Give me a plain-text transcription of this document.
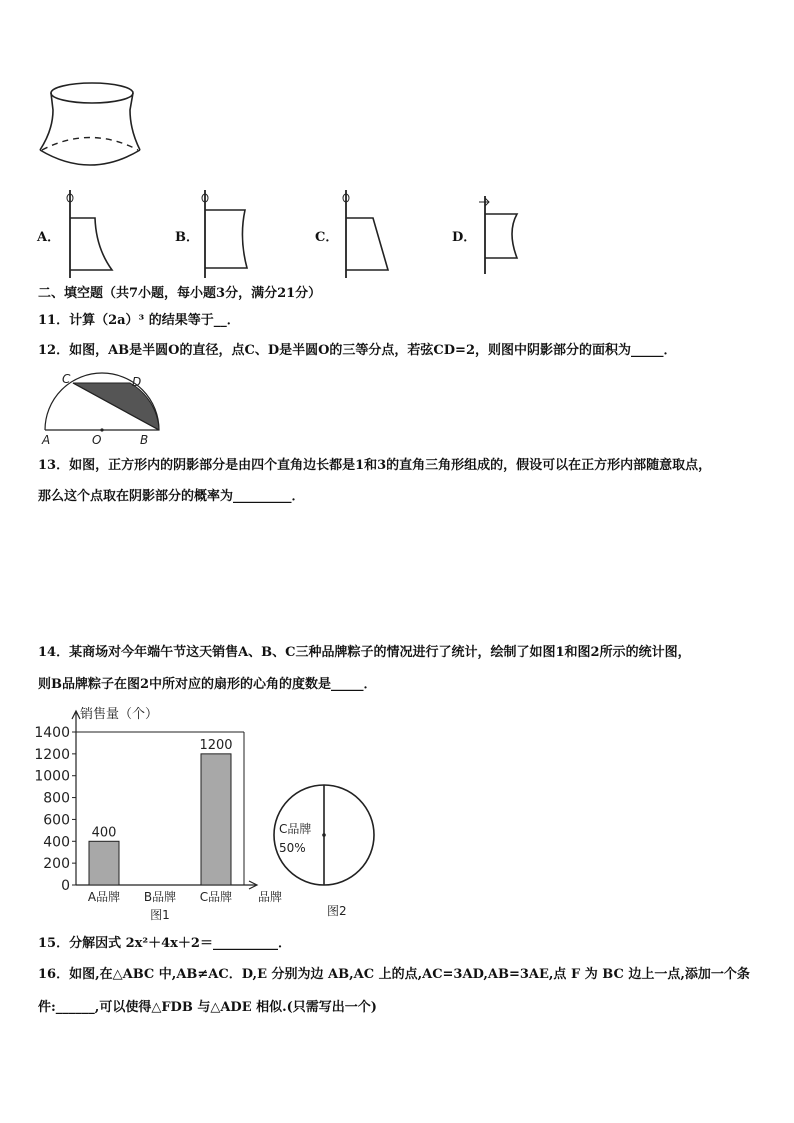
A．	B．	C．	D．
二、填空题（共7小题，每小题3分，满分21分）
11．计算（2a）³ 的结果等于__．
12．如图，AB是半圆O的直径，点C、D是半圆O的三等分点，若弦CD=2，则图中阴影部分的面积为_____．
C	D
A	O	B
13．如图，正方形内的阴影部分是由四个直角边长都是1和3的直角三角形组成的，假设可以在正方形内部随意取点，
那么这个点取在阴影部分的概率为_________．
14．某商场对今年端午节这天销售A、B、C三种品牌粽子的情况进行了统计，绘制了如图1和图2所示的统计图，
则B品牌粽子在图2中所对应的扇形的心角的度数是_____．
0
200
400
600
800
1000
1200
1400
销售量（个）
400
A品牌 B品牌
1200
C品牌 品牌
图1
C品牌
50%
图2
15．分解因式 2x²＋4x＋2＝__________．
16．如图,在△ABC 中,AB≠AC．D,E 分别为边 AB,AC 上的点,AC=3AD,AB=3AE,点 F 为 BC 边上一点,添加一个条
件:______,可以使得△FDB 与△ADE 相似.(只需写出一个)
